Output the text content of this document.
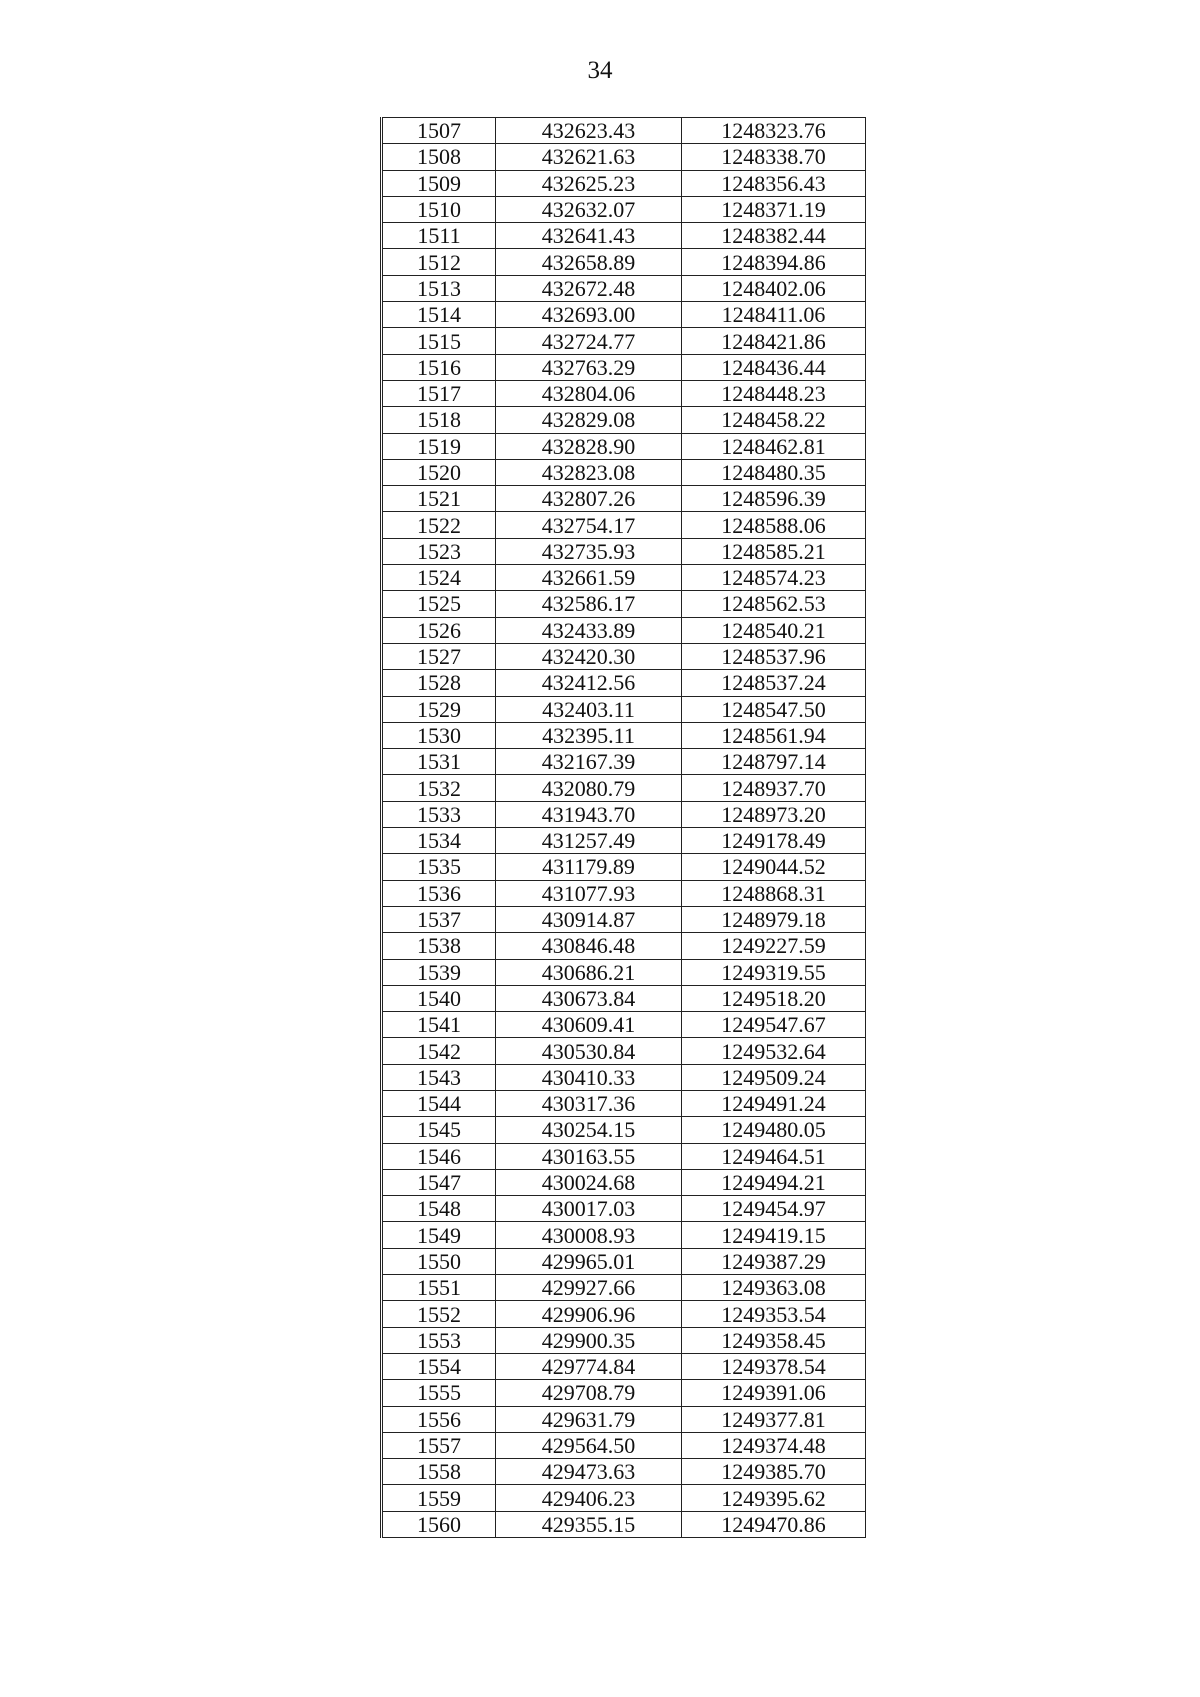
34
1507	432623.43	1248323.76
1508	432621.63	1248338.70
1509	432625.23	1248356.43
1510	432632.07	1248371.19
1511	432641.43	1248382.44
1512	432658.89	1248394.86
1513	432672.48	1248402.06
1514	432693.00	1248411.06
1515	432724.77	1248421.86
1516	432763.29	1248436.44
1517	432804.06	1248448.23
1518	432829.08	1248458.22
1519	432828.90	1248462.81
1520	432823.08	1248480.35
1521	432807.26	1248596.39
1522	432754.17	1248588.06
1523	432735.93	1248585.21
1524	432661.59	1248574.23
1525	432586.17	1248562.53
1526	432433.89	1248540.21
1527	432420.30	1248537.96
1528	432412.56	1248537.24
1529	432403.11	1248547.50
1530	432395.11	1248561.94
1531	432167.39	1248797.14
1532	432080.79	1248937.70
1533	431943.70	1248973.20
1534	431257.49	1249178.49
1535	431179.89	1249044.52
1536	431077.93	1248868.31
1537	430914.87	1248979.18
1538	430846.48	1249227.59
1539	430686.21	1249319.55
1540	430673.84	1249518.20
1541	430609.41	1249547.67
1542	430530.84	1249532.64
1543	430410.33	1249509.24
1544	430317.36	1249491.24
1545	430254.15	1249480.05
1546	430163.55	1249464.51
1547	430024.68	1249494.21
1548	430017.03	1249454.97
1549	430008.93	1249419.15
1550	429965.01	1249387.29
1551	429927.66	1249363.08
1552	429906.96	1249353.54
1553	429900.35	1249358.45
1554	429774.84	1249378.54
1555	429708.79	1249391.06
1556	429631.79	1249377.81
1557	429564.50	1249374.48
1558	429473.63	1249385.70
1559	429406.23	1249395.62
1560	429355.15	1249470.86
